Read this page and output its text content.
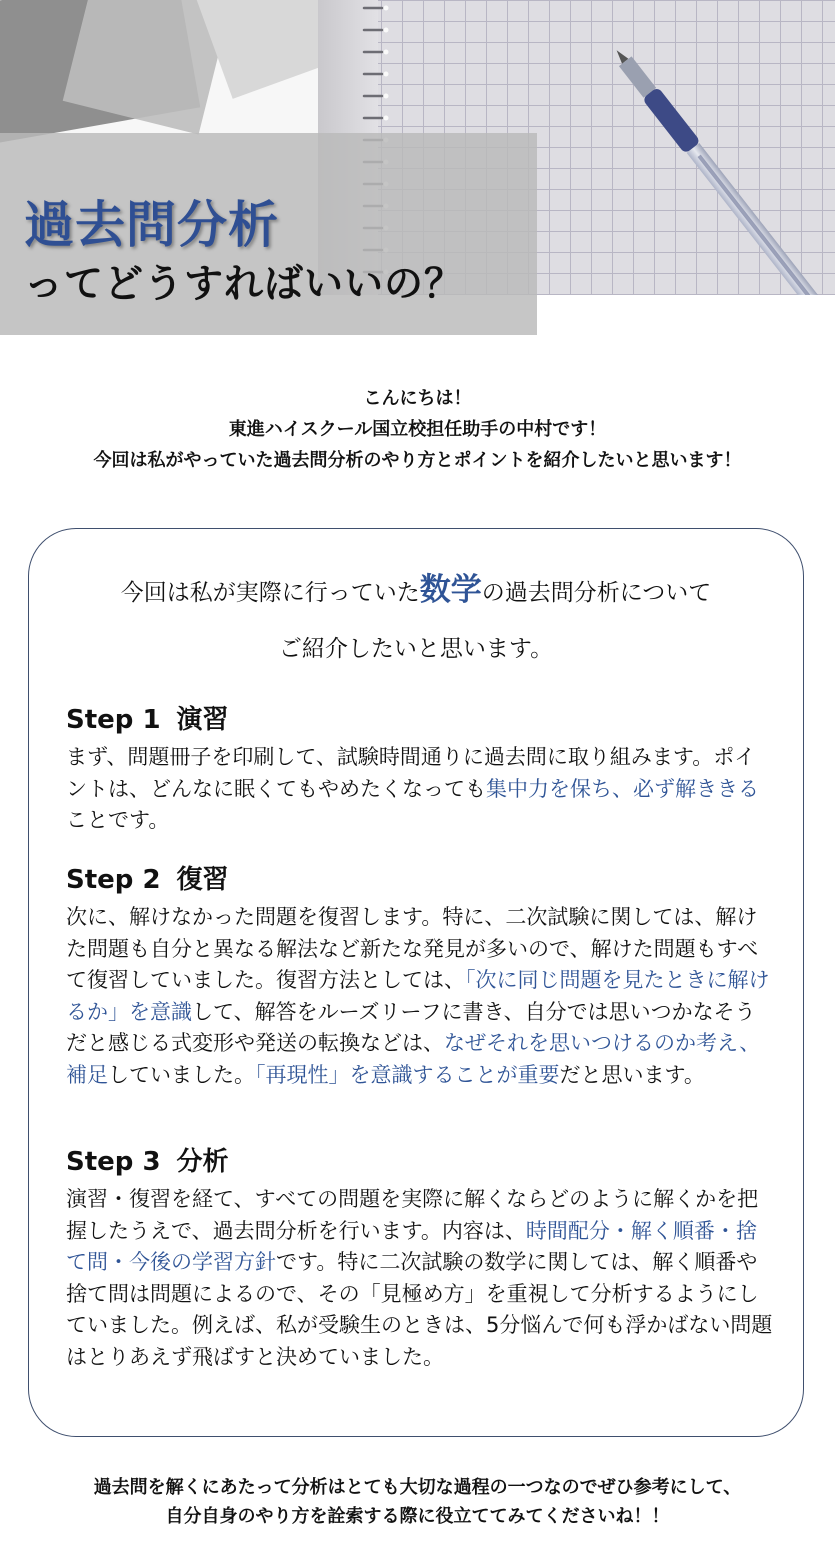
過去問分析
ってどうすればいいの？

こんにちは！

東進ハイスクール国立校担任助手の中村です！

今回は私がやっていた過去問分析のやり方とポイントを紹介したいと思います！

今回は私が実際に行っていた数学の過去問分析について

ご紹介したいと思います。

Step 1 演習

まず、問題冊子を印刷して、試験時間通りに過去問に取り組みます。ポイントは、どんなに眠くてもやめたくなっても集中力を保ち、必ず解ききることです。

Step 2 復習

次に、解けなかった問題を復習します。特に、二次試験に関しては、解けた問題も自分と異なる解法など新たな発見が多いので、解けた問題もすべて復習していました。復習方法としては、「次に同じ問題を見たときに解けるか」を意識して、解答をルーズリーフに書き、自分では思いつかなそうだと感じる式変形や発送の転換などは、なぜそれを思いつけるのか考え、補足していました。「再現性」を意識することが重要だと思います。

Step 3 分析

演習・復習を経て、すべての問題を実際に解くならどのように解くかを把握したうえで、過去問分析を行います。内容は、時間配分・解く順番・捨て問・今後の学習方針です。特に二次試験の数学に関しては、解く順番や捨て問は問題によるので、その「見極め方」を重視して分析するようにしていました。例えば、私が受験生のときは、5分悩んで何も浮かばない問題はとりあえず飛ばすと決めていました。

過去問を解くにあたって分析はとても大切な過程の一つなのでぜひ参考にして、

自分自身のやり方を詮索する際に役立ててみてくださいね！！
